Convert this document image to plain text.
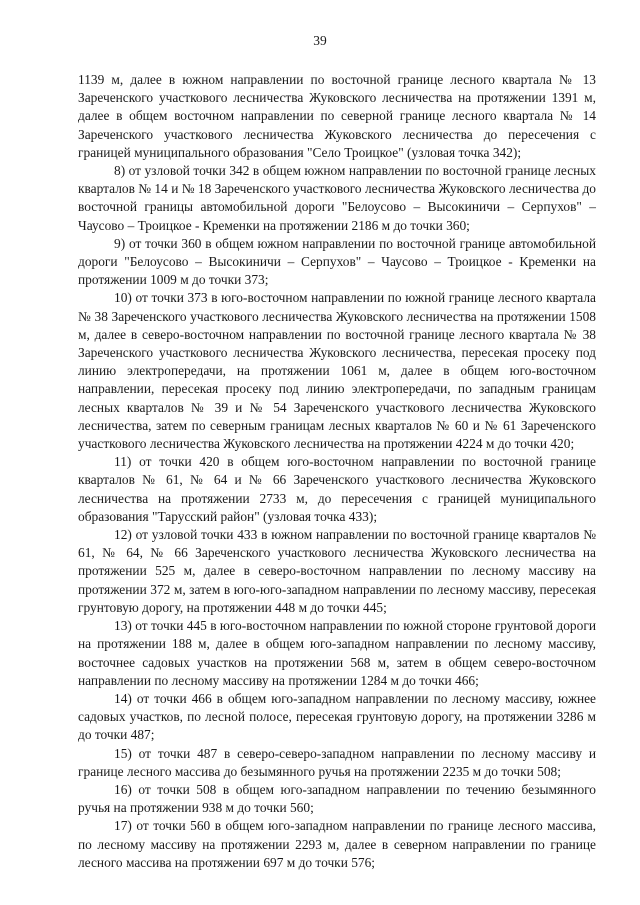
39

1139 м, далее в южном направлении по восточной границе лесного квартала № 13 Зареченского участкового лесничества Жуковского лесничества на протяжении 1391 м, далее в общем восточном направлении по северной границе лесного квартала № 14 Зареченского участкового лесничества Жуковского лесничества до пересечения с границей муниципального образования "Село Троицкое" (узловая точка 342);

8) от узловой точки 342 в общем южном направлении по восточной границе лесных кварталов № 14 и № 18 Зареченского участкового лесничества Жуковского лесничества до восточной границы автомобильной дороги "Белоусово – Высокиничи – Серпухов" – Чаусово – Троицкое - Кременки на протяжении 2186 м до точки 360;

9) от точки 360 в общем южном направлении по восточной границе автомобильной дороги "Белоусово – Высокиничи – Серпухов" – Чаусово – Троицкое - Кременки на протяжении 1009 м до точки 373;

10) от точки 373 в юго-восточном направлении по южной границе лесного квартала № 38 Зареченского участкового лесничества Жуковского лесничества на протяжении 1508 м, далее в северо-восточном направлении по восточной границе лесного квартала № 38 Зареченского участкового лесничества Жуковского лесничества, пересекая просеку под линию электропередачи, на протяжении 1061 м, далее в общем юго-восточном направлении, пересекая просеку под линию электропередачи, по западным границам лесных кварталов № 39 и № 54 Зареченского участкового лесничества Жуковского лесничества, затем по северным границам лесных кварталов № 60 и № 61 Зареченского участкового лесничества Жуковского лесничества на протяжении 4224 м до точки 420;

11) от точки 420 в общем юго-восточном направлении по восточной границе кварталов № 61, № 64 и № 66 Зареченского участкового лесничества Жуковского лесничества на протяжении 2733 м, до пересечения с границей муниципального образования "Тарусский район" (узловая точка 433);

12) от узловой точки 433 в южном направлении по восточной границе кварталов № 61, № 64, № 66 Зареченского участкового лесничества Жуковского лесничества на протяжении 525 м, далее в северо-восточном направлении по лесному массиву на протяжении 372 м, затем в юго-юго-западном направлении по лесному массиву, пересекая грунтовую дорогу, на протяжении 448 м до точки 445;

13) от точки 445 в юго-восточном направлении по южной стороне грунтовой дороги на протяжении 188 м, далее в общем юго-западном направлении по лесному массиву, восточнее садовых участков на протяжении 568 м, затем в общем северо-восточном направлении по лесному массиву на протяжении 1284 м до точки 466;

14) от точки 466 в общем юго-западном направлении по лесному массиву, южнее садовых участков, по лесной полосе, пересекая грунтовую дорогу, на протяжении 3286 м до точки 487;

15) от точки 487 в северо-северо-западном направлении по лесному массиву и границе лесного массива до безымянного ручья на протяжении 2235 м до точки 508;

16) от точки 508 в общем юго-западном направлении по течению безымянного ручья на протяжении 938 м до точки 560;

17) от точки 560 в общем юго-западном направлении по границе лесного массива, по лесному массиву на протяжении 2293 м, далее в северном направлении по границе лесного массива на протяжении 697 м до точки 576;
